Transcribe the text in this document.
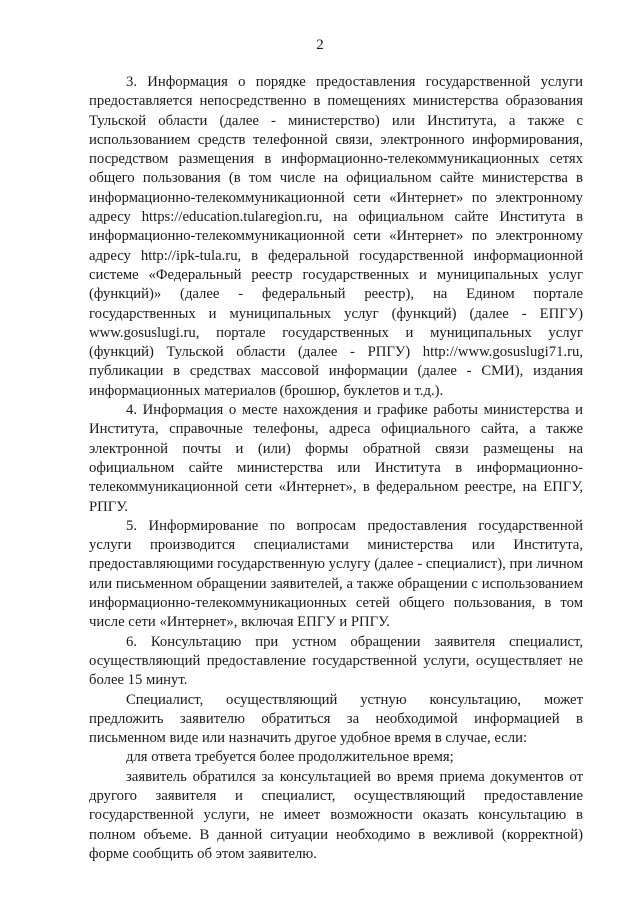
2

3. Информация о порядке предоставления государственной услуги предоставляется непосредственно в помещениях министерства образования Тульской области (далее - министерство) или Института, а также с использованием средств телефонной связи, электронного информирования, посредством размещения в информационно-телекоммуникационных сетях общего пользования (в том числе на официальном сайте министерства в информационно-телекоммуникационной сети «Интернет» по электронному адресу https://education.tularegion.ru, на официальном сайте Института в информационно-телекоммуникационной сети «Интернет» по электронному адресу http://ipk-tula.ru, в федеральной государственной информационной системе «Федеральный реестр государственных и муниципальных услуг (функций)» (далее - федеральный реестр), на Едином портале государственных и муниципальных услуг (функций) (далее - ЕПГУ) www.gosuslugi.ru, портале государственных и муниципальных услуг (функций) Тульской области (далее - РПГУ) http://www.gosuslugi71.ru, публикации в средствах массовой информации (далее - СМИ), издания информационных материалов (брошюр, буклетов и т.д.).

4. Информация о месте нахождения и графике работы министерства и Института, справочные телефоны, адреса официального сайта, а также электронной почты и (или) формы обратной связи размещены на официальном сайте министерства или Института в информационно-телекоммуникационной сети «Интернет», в федеральном реестре, на ЕПГУ, РПГУ.

5. Информирование по вопросам предоставления государственной услуги производится специалистами министерства или Института, предоставляющими государственную услугу (далее - специалист), при личном или письменном обращении заявителей, а также обращении с использованием информационно-телекоммуникационных сетей общего пользования, в том числе сети «Интернет», включая ЕПГУ и РПГУ.

6. Консультацию при устном обращении заявителя специалист, осуществляющий предоставление государственной услуги, осуществляет не более 15 минут.

Специалист, осуществляющий устную консультацию, может предложить заявителю обратиться за необходимой информацией в письменном виде или назначить другое удобное время в случае, если:

для ответа требуется более продолжительное время;

заявитель обратился за консультацией во время приема документов от другого заявителя и специалист, осуществляющий предоставление государственной услуги, не имеет возможности оказать консультацию в полном объеме. В данной ситуации необходимо в вежливой (корректной) форме сообщить об этом заявителю.
